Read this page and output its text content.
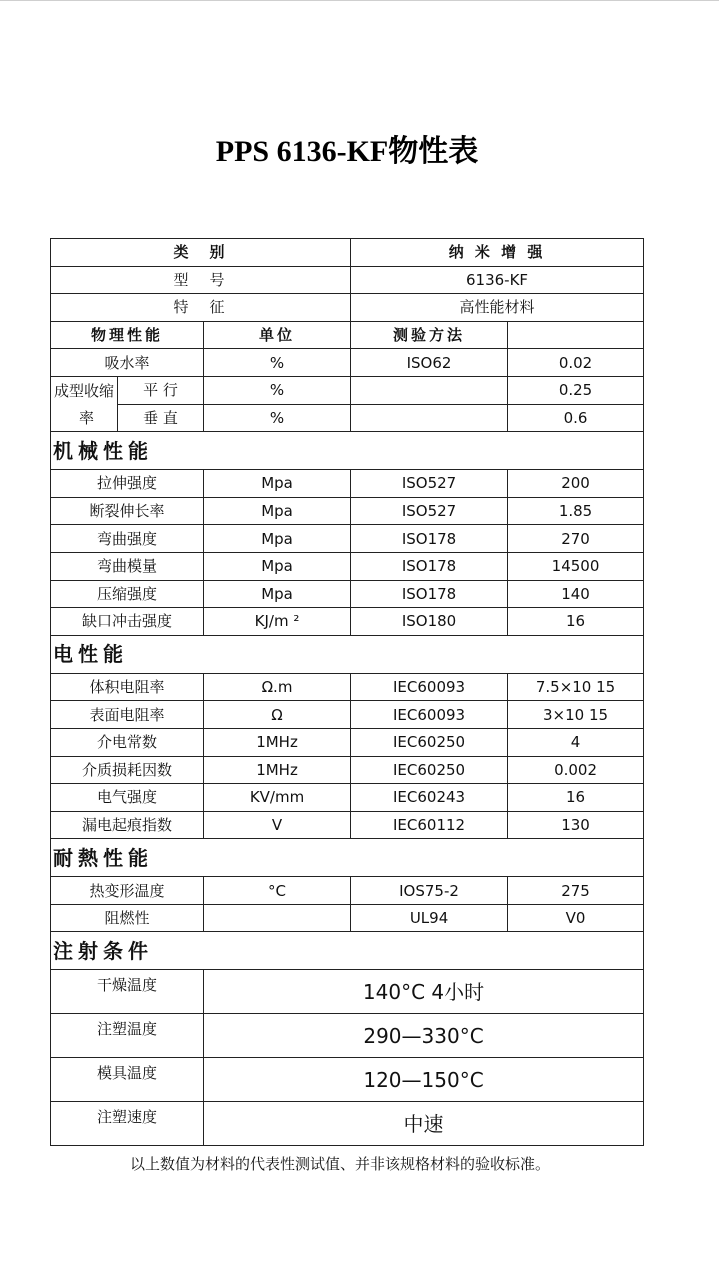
PPS 6136-KF物性表
类　别			纳 米 增 强	
型　号			6136-KF	
特　征			高性能材料	
物理性能		单位	测验方法	
吸水率		%	ISO62	0.02
成型收缩	平 行	%		0.25
率	垂 直	%		0.6
机械性能				
拉伸强度		Mpa	ISO527	200
断裂伸长率		Mpa	ISO527	1.85
弯曲强度		Mpa	ISO178	270
弯曲模量		Mpa	ISO178	14500
压缩强度		Mpa	ISO178	140
缺口冲击强度		KJ/m ²	ISO180	16
电性能				
体积电阻率		Ω.m	IEC60093	7.5×10 15
表面电阻率		Ω	IEC60093	3×10 15
介电常数		1MHz	IEC60250	4
介质损耗因数		1MHz	IEC60250	0.002
电气强度		KV/mm	IEC60243	16
漏电起痕指数		V	IEC60112	130
耐熱性能				
热变形温度		°C	IOS75-2	275
阻燃性			UL94	V0
注射条件				
干燥温度		140°C 4小时		
注塑温度		290—330°C		
模具温度		120—150°C		
注塑速度		中速		
以上数值为材料的代表性测试值、并非该规格材料的验收标准。
